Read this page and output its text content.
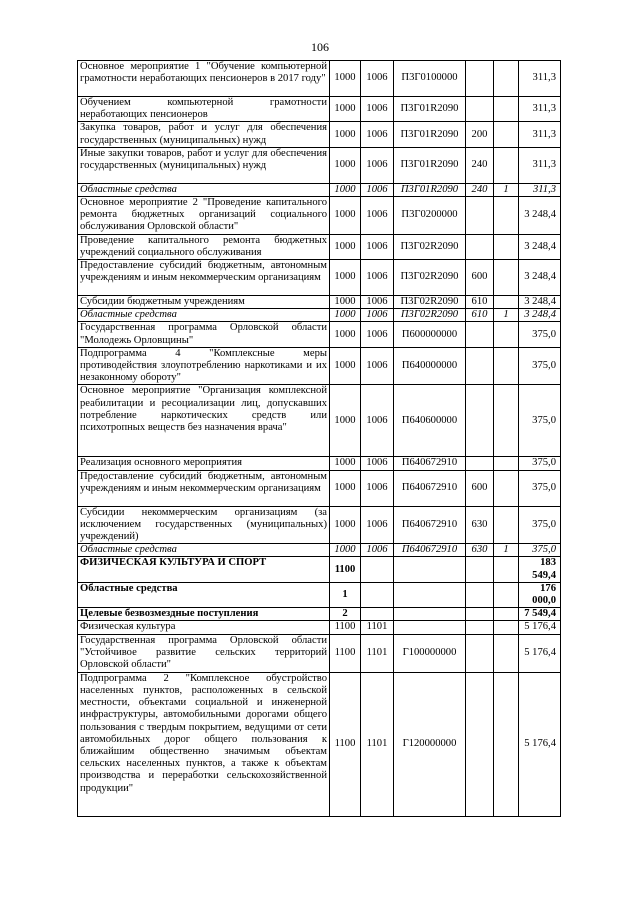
106
Основное мероприятие 1 "Обучение компьютерной грамотности неработающих пенсионеров в 2017 году"	1000	1006	П3Г0100000			311,3
Обучением компьютерной грамотности неработающих пенсионеров	1000	1006	П3Г01R2090			311,3
Закупка товаров, работ и услуг для обеспечения государственных (муниципальных) нужд	1000	1006	П3Г01R2090	200		311,3
Иные закупки товаров, работ и услуг для обеспечения государственных (муниципальных) нужд	1000	1006	П3Г01R2090	240		311,3
Областные средства	1000	1006	П3Г01R2090	240	1	311,3
Основное мероприятие 2 "Проведение капитального ремонта бюджетных организаций социального обслуживания Орловской области"	1000	1006	П3Г0200000			3 248,4
Проведение капитального ремонта бюджетных учреждений социального обслуживания	1000	1006	П3Г02R2090			3 248,4
Предоставление субсидий бюджетным, автономным учреждениям и иным некоммерческим организациям	1000	1006	П3Г02R2090	600		3 248,4
Субсидии бюджетным учреждениям	1000	1006	П3Г02R2090	610		3 248,4
Областные средства	1000	1006	П3Г02R2090	610	1	3 248,4
Государственная программа Орловской области "Молодежь Орловщины"	1000	1006	П600000000			375,0
Подпрограмма 4 "Комплексные меры противодействия злоупотреблению наркотиками и их незаконному обороту"	1000	1006	П640000000			375,0
Основное мероприятие "Организация комплексной реабилитации и ресоциализации лиц, допускавших потребление наркотических средств или психотропных веществ без назначения врача"	1000	1006	П640600000			375,0
Реализация основного мероприятия	1000	1006	П640672910			375,0
Предоставление субсидий бюджетным, автономным учреждениям и иным некоммерческим организациям	1000	1006	П640672910	600		375,0
Субсидии некоммерческим организациям (за исключением государственных (муниципальных) учреждений)	1000	1006	П640672910	630		375,0
Областные средства	1000	1006	П640672910	630	1	375,0
ФИЗИЧЕСКАЯ КУЛЬТУРА И СПОРТ	1100					183 549,4
Областные средства	1					176 000,0
Целевые безвозмездные поступления	2					7 549,4
Физическая культура	1100	1101				5 176,4
Государственная программа Орловской области "Устойчивое развитие сельских территорий Орловской области"	1100	1101	Г100000000			5 176,4
Подпрограмма 2 "Комплексное обустройство населенных пунктов, расположенных в сельской местности, объектами социальной и инженерной инфраструктуры, автомобильными дорогами общего пользования с твердым покрытием, ведущими от сети автомобильных дорог общего пользования к ближайшим общественно значимым объектам сельских населенных пунктов, а также к объектам производства и переработки сельскохозяйственной продукции"	1100	1101	Г120000000			5 176,4
